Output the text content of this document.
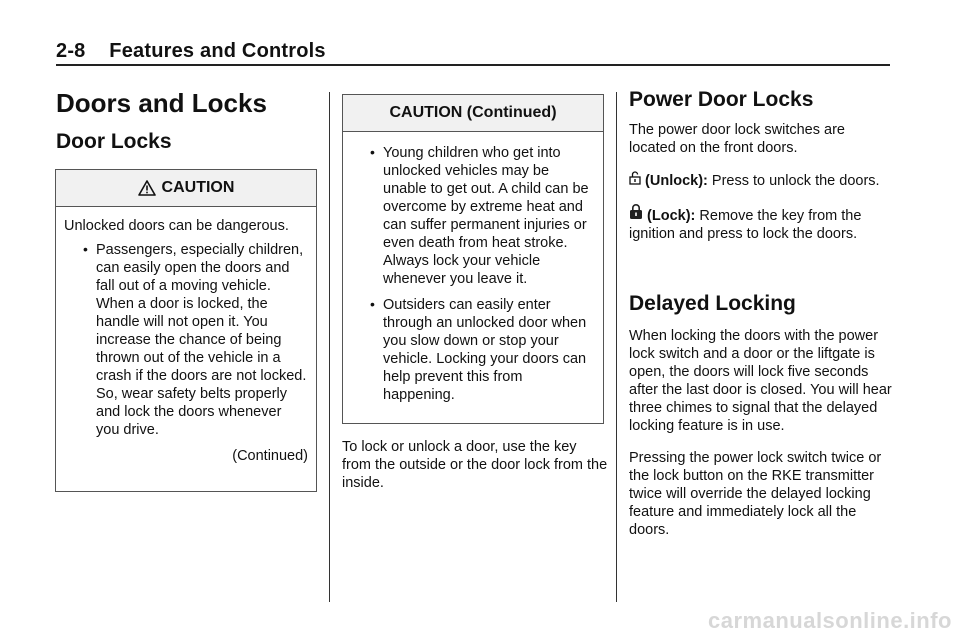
2-8 Features and Controls
Doors and Locks
Door Locks
CAUTION
Unlocked doors can be dangerous.
• Passengers, especially children, can easily open the doors and fall out of a moving vehicle. When a door is locked, the handle will not open it. You increase the chance of being thrown out of the vehicle in a crash if the doors are not locked. So, wear safety belts properly and lock the doors whenever you drive.
(Continued)
CAUTION (Continued)
• Young children who get into unlocked vehicles may be unable to get out. A child can be overcome by extreme heat and can suffer permanent injuries or even death from heat stroke. Always lock your vehicle whenever you leave it.
• Outsiders can easily enter through an unlocked door when you slow down or stop your vehicle. Locking your doors can help prevent this from happening.

To lock or unlock a door, use the key from the outside or the door lock from the inside.

Power Door Locks

The power door lock switches are located on the front doors.

(Unlock): Press to unlock the doors.
(Lock): Remove the key from the ignition and press to lock the doors.
Delayed Locking

When locking the doors with the power lock switch and a door or the liftgate is open, the doors will lock five seconds after the last door is closed. You will hear three chimes to signal that the delayed locking feature is in use.

Pressing the power lock switch twice or the lock button on the RKE transmitter twice will override the delayed locking feature and immediately lock all the doors.

carmanualsonline.info
